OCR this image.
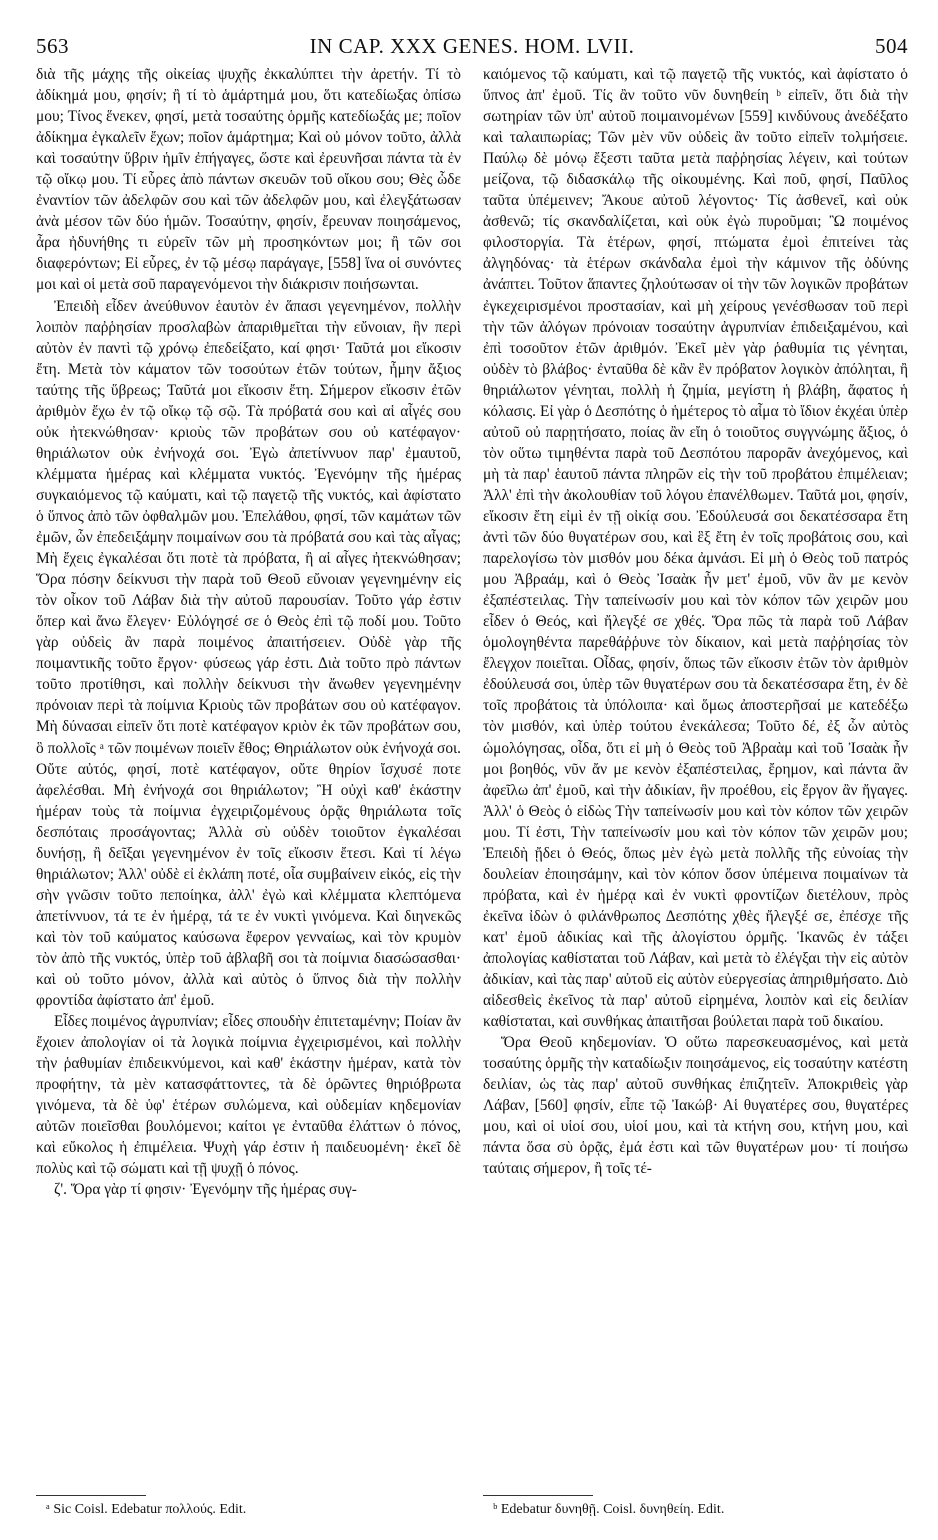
563	IN CAP. XXX GENES. HOM. LVII.	504

διὰ τῆς μάχης τῆς οἰκείας ψυχῆς ἐκκαλύπτει τὴν ἀρετήν. Τί τὸ ἀδίκημά μου, φησίν; ἢ τί τὸ ἁμάρτημά μου, ὅτι κατεδίωξας ὀπίσω μου; Τίνος ἕνεκεν, φησί, μετὰ τοσαύτης ὁρμῆς κατεδίωξάς με; ποῖον ἀδίκημα ἐγκαλεῖν ἔχων; ποῖον ἁμάρτημα; Καὶ οὐ μόνον τοῦτο, ἀλλὰ καὶ τοσαύτην ὕβριν ἡμῖν ἐπήγαγες, ὥστε καὶ ἐρευνῆσαι πάντα τὰ ἐν τῷ οἴκῳ μου. Τί εὗρες ἀπὸ πάντων σκευῶν τοῦ οἴκου σου; Θὲς ὧδε ἐναντίον τῶν ἀδελφῶν σου καὶ τῶν ἀδελφῶν μου, καὶ ἐλεγξάτωσαν ἀνὰ μέσον τῶν δύο ἡμῶν. Τοσαύτην, φησίν, ἔρευναν ποιησάμενος, ἆρα ἠδυνήθης τι εὑρεῖν τῶν μὴ προσηκόντων μοι; ἢ τῶν σοι διαφερόντων; Εἰ εὗρες, ἐν τῷ μέσῳ παράγαγε, [558] ἵνα οἱ συνόντες μοι καὶ οἱ μετὰ σοῦ παραγενόμενοι τὴν διάκρισιν ποιήσωνται.

Ἐπειδὴ εἶδεν ἀνεύθυνον ἑαυτὸν ἐν ἅπασι γεγενημένον, πολλὴν λοιπὸν παῤῥησίαν προσλαβὼν ἀπαριθμεῖται τὴν εὔνοιαν, ἣν περὶ αὐτὸν ἐν παντὶ τῷ χρόνῳ ἐπεδείξατο, καί φησι· Ταῦτά μοι εἴκοσιν ἔτη. Μετὰ τὸν κάματον τῶν τοσούτων ἐτῶν τούτων, ἦμην ἄξιος ταύτης τῆς ὕβρεως; Ταῦτά μοι εἴκοσιν ἔτη. Σήμερον εἴκοσιν ἐτῶν ἀριθμὸν ἔχω ἐν τῷ οἴκῳ τῷ σῷ. Τὰ πρόβατά σου καὶ αἱ αἶγές σου οὐκ ἠτεκνώθησαν· κριοὺς τῶν προβάτων σου οὐ κατέφαγον· θηριάλωτον οὐκ ἐνήνοχά σοι. Ἐγὼ ἀπετίννυον παρ' ἐμαυτοῦ, κλέμματα ἡμέρας καὶ κλέμματα νυκτός. Ἐγενόμην τῆς ἡμέρας συγκαιόμενος τῷ καύματι, καὶ τῷ παγετῷ τῆς νυκτός, καὶ ἀφίστατο ὁ ὕπνος ἀπὸ τῶν ὀφθαλμῶν μου. Ἐπελάθου, φησί, τῶν καμάτων τῶν ἐμῶν, ὧν ἐπεδειξάμην ποιμαίνων σου τὰ πρόβατά σου καὶ τὰς αἶγας; Μὴ ἔχεις ἐγκαλέσαι ὅτι ποτὲ τὰ πρόβατα, ἢ αἱ αἶγες ἠτεκνώθησαν; Ὅρα πόσην δείκνυσι τὴν παρὰ τοῦ Θεοῦ εὔνοιαν γεγενημένην εἰς τὸν οἶκον τοῦ Λάβαν διὰ τὴν αὐτοῦ παρουσίαν. Τοῦτο γάρ ἐστιν ὅπερ καὶ ἄνω ἔλεγεν· Εὐλόγησέ σε ὁ Θεὸς ἐπὶ τῷ ποδί μου. Τοῦτο γὰρ οὐδεὶς ἂν παρὰ ποιμένος ἀπαιτήσειεν. Οὐδὲ γὰρ τῆς ποιμαντικῆς τοῦτο ἔργον· φύσεως γάρ ἐστι. Διὰ τοῦτο πρὸ πάντων τοῦτο προτίθησι, καὶ πολλὴν δείκνυσι τὴν ἄνωθεν γεγενημένην πρόνοιαν περὶ τὰ ποίμνια Κριοὺς τῶν προβάτων σου οὐ κατέφαγον. Μὴ δύνασαι εἰπεῖν ὅτι ποτὲ κατέφαγον κριὸν ἐκ τῶν προβάτων σου, ὃ πολλοῖς ᵃ τῶν ποιμένων ποιεῖν ἔθος; Θηριάλωτον οὐκ ἐνήνοχά σοι. Οὔτε αὐτός, φησί, ποτὲ κατέφαγον, οὔτε θηρίον ἴσχυσέ ποτε ἀφελέσθαι. Μὴ ἐνήνοχά σοι θηριάλωτον; Ἢ οὐχὶ καθ' ἑκάστην ἡμέραν τοὺς τὰ ποίμνια ἐγχειριζομένους ὁρᾷς θηριάλωτα τοῖς δεσπόταις προσάγοντας; Ἀλλὰ σὺ οὐδὲν τοιοῦτον ἐγκαλέσαι δυνήσῃ, ἢ δεῖξαι γεγενημένον ἐν τοῖς εἴκοσιν ἔτεσι. Καὶ τί λέγω θηριάλωτον; Ἀλλ' οὐδὲ εἰ ἐκλάπη ποτέ, οἷα συμβαίνειν εἰκός, εἰς τὴν σὴν γνῶσιν τοῦτο πεποίηκα, ἀλλ' ἐγὼ καὶ κλέμματα κλεπτόμενα ἀπετίννυον, τά τε ἐν ἡμέρᾳ, τά τε ἐν νυκτὶ γινόμενα. Καὶ διηνεκῶς καὶ τὸν τοῦ καύματος καύσωνα ἔφερον γενναίως, καὶ τὸν κρυμὸν τὸν ἀπὸ τῆς νυκτός, ὑπὲρ τοῦ ἀβλαβῆ σοι τὰ ποίμνια διασώσασθαι· καὶ οὐ τοῦτο μόνον, ἀλλὰ καὶ αὐτὸς ὁ ὕπνος διὰ τὴν πολλὴν φροντίδα ἀφίστατο ἀπ' ἐμοῦ.

Εἶδες ποιμένος ἀγρυπνίαν; εἶδες σπουδὴν ἐπιτεταμένην; Ποίαν ἂν ἔχοιεν ἀπολογίαν οἱ τὰ λογικὰ ποίμνια ἐγχειρισμένοι, καὶ πολλὴν τὴν ῥαθυμίαν ἐπιδεικνύμενοι, καὶ καθ' ἑκάστην ἡμέραν, κατὰ τὸν προφήτην, τὰ μὲν κατασφάττοντες, τὰ δὲ ὁρῶντες θηριόβρωτα γινόμενα, τὰ δὲ ὑφ' ἑτέρων συλώμενα, καὶ οὐδεμίαν κηδεμονίαν αὐτῶν ποιεῖσθαι βουλόμενοι; καίτοι γε ἐνταῦθα ἐλάττων ὁ πόνος, καὶ εὔκολος ἡ ἐπιμέλεια. Ψυχὴ γάρ ἐστιν ἡ παιδευομένη· ἐκεῖ δὲ πολὺς καὶ τῷ σώματι καὶ τῇ ψυχῇ ὁ πόνος.

ζ'. Ὅρα γὰρ τί φησιν· Ἐγενόμην τῆς ἡμέρας συγ-

καιόμενος τῷ καύματι, καὶ τῷ παγετῷ τῆς νυκτός, καὶ ἀφίστατο ὁ ὕπνος ἀπ' ἐμοῦ. Τίς ἂν τοῦτο νῦν δυνηθείη ᵇ εἰπεῖν, ὅτι διὰ τὴν σωτηρίαν τῶν ὑπ' αὐτοῦ ποιμαινομένων [559] κινδύνους ἀνεδέξατο καὶ ταλαιπωρίας; Τῶν μὲν νῦν οὐδεὶς ἂν τοῦτο εἰπεῖν τολμήσειε. Παύλῳ δὲ μόνῳ ἔξεστι ταῦτα μετὰ παῤῥησίας λέγειν, καὶ τούτων μείζονα, τῷ διδασκάλῳ τῆς οἰκουμένης. Καὶ ποῦ, φησί, Παῦλος ταῦτα ὑπέμεινεν; Ἄκουε αὐτοῦ λέγοντος· Τίς ἀσθενεῖ, καὶ οὐκ ἀσθενῶ; τίς σκανδαλίζεται, καὶ οὐκ ἐγὼ πυροῦμαι; Ὢ ποιμένος φιλοστοργία. Τὰ ἑτέρων, φησί, πτώματα ἐμοὶ ἐπιτείνει τὰς ἀλγηδόνας· τὰ ἑτέρων σκάνδαλα ἐμοὶ τὴν κάμινον τῆς ὀδύνης ἀνάπτει. Τοῦτον ἅπαντες ζηλούτωσαν οἱ τὴν τῶν λογικῶν προβάτων ἐγκεχειρισμένοι προστασίαν, καὶ μὴ χείρους γενέσθωσαν τοῦ περὶ τὴν τῶν ἀλόγων πρόνοιαν τοσαύτην ἀγρυπνίαν ἐπιδειξαμένου, καὶ ἐπὶ τοσοῦτον ἐτῶν ἀριθμόν. Ἐκεῖ μὲν γὰρ ῥαθυμία τις γένηται, οὐδὲν τὸ βλάβος· ἐνταῦθα δὲ κἂν ἓν πρόβατον λογικὸν ἀπόληται, ἢ θηριάλωτον γένηται, πολλὴ ἡ ζημία, μεγίστη ἡ βλάβη, ἄφατος ἡ κόλασις. Εἰ γὰρ ὁ Δεσπότης ὁ ἡμέτερος τὸ αἷμα τὸ ἴδιον ἐκχέαι ὑπὲρ αὐτοῦ οὐ παρῃτήσατο, ποίας ἂν εἴη ὁ τοιοῦτος συγγνώμης ἄξιος, ὁ τὸν οὕτω τιμηθέντα παρὰ τοῦ Δεσπότου παρορᾶν ἀνεχόμενος, καὶ μὴ τὰ παρ' ἑαυτοῦ πάντα πληρῶν εἰς τὴν τοῦ προβάτου ἐπιμέλειαν; Ἀλλ' ἐπὶ τὴν ἀκολουθίαν τοῦ λόγου ἐπανέλθωμεν. Ταῦτά μοι, φησίν, εἴκοσιν ἔτη εἰμὶ ἐν τῇ οἰκίᾳ σου. Ἐδούλευσά σοι δεκατέσσαρα ἔτη ἀντὶ τῶν δύο θυγατέρων σου, καὶ ἓξ ἔτη ἐν τοῖς προβάτοις σου, καὶ παρελογίσω τὸν μισθόν μου δέκα ἀμνάσι. Εἰ μὴ ὁ Θεὸς τοῦ πατρός μου Ἀβραάμ, καὶ ὁ Θεὸς Ἰσαὰκ ἦν μετ' ἐμοῦ, νῦν ἂν με κενὸν ἐξαπέστειλας. Τὴν ταπείνωσίν μου καὶ τὸν κόπον τῶν χειρῶν μου εἶδεν ὁ Θεός, καὶ ἤλεγξέ σε χθές. Ὅρα πῶς τὰ παρὰ τοῦ Λάβαν ὁμολογηθέντα παρεθάῤῥυνε τὸν δίκαιον, καὶ μετὰ παῤῥησίας τὸν ἔλεγχον ποιεῖται. Οἶδας, φησίν, ὅπως τῶν εἴκοσιν ἐτῶν τὸν ἀριθμὸν ἐδούλευσά σοι, ὑπὲρ τῶν θυγατέρων σου τὰ δεκατέσσαρα ἔτη, ἐν δὲ τοῖς προβάτοις τὰ ὑπόλοιπα· καὶ ὅμως ἀποστερῆσαί με κατεδέξω τὸν μισθόν, καὶ ὑπὲρ τούτου ἐνεκάλεσα; Τοῦτο δέ, ἐξ ὧν αὐτὸς ὡμολόγησας, οἶδα, ὅτι εἰ μὴ ὁ Θεὸς τοῦ Ἀβραὰμ καὶ τοῦ Ἰσαὰκ ἦν μοι βοηθός, νῦν ἄν με κενὸν ἐξαπέστειλας, ἔρημον, καὶ πάντα ἂν ἀφεῖλω ἀπ' ἐμοῦ, καὶ τὴν ἀδικίαν, ἣν προέθου, εἰς ἔργον ἂν ἤγαγες. Ἀλλ' ὁ Θεὸς ὁ εἰδὼς Τὴν ταπείνωσίν μου καὶ τὸν κόπον τῶν χειρῶν μου. Τί ἐστι, Τὴν ταπείνωσίν μου καὶ τὸν κόπον τῶν χειρῶν μου; Ἐπειδὴ ᾔδει ὁ Θεός, ὅπως μὲν ἐγὼ μετὰ πολλῆς τῆς εὐνοίας τὴν δουλείαν ἐποιησάμην, καὶ τὸν κόπον ὅσον ὑπέμεινα ποιμαίνων τὰ πρόβατα, καὶ ἐν ἡμέρᾳ καὶ ἐν νυκτὶ φροντίζων διετέλουν, πρὸς ἐκεῖνα ἰδὼν ὁ φιλάνθρωπος Δεσπότης χθὲς ἤλεγξέ σε, ἐπέσχε τῆς κατ' ἐμοῦ ἀδικίας καὶ τῆς ἀλογίστου ὁρμῆς. Ἱκανῶς ἐν τάξει ἀπολογίας καθίσταται τοῦ Λάβαν, καὶ μετὰ τὸ ἐλέγξαι τὴν εἰς αὐτὸν ἀδικίαν, καὶ τὰς παρ' αὐτοῦ εἰς αὐτὸν εὐεργεσίας ἀπηριθμήσατο. Διὸ αἰδεσθεὶς ἐκεῖνος τὰ παρ' αὐτοῦ εἰρημένα, λοιπὸν καὶ εἰς δειλίαν καθίσταται, καὶ συνθήκας ἀπαιτῆσαι βούλεται παρὰ τοῦ δικαίου.

Ὅρα Θεοῦ κηδεμονίαν. Ὁ οὕτω παρεσκευασμένος, καὶ μετὰ τοσαύτης ὁρμῆς τὴν καταδίωξιν ποιησάμενος, εἰς τοσαύτην κατέστη δειλίαν, ὡς τὰς παρ' αὐτοῦ συνθήκας ἐπιζητεῖν. Ἀποκριθεὶς γὰρ Λάβαν, [560] φησίν, εἶπε τῷ Ἰακώβ· Αἱ θυγατέρες σου, θυγατέρες μου, καὶ οἱ υἱοί σου, υἱοί μου, καὶ τὰ κτήνη σου, κτήνη μου, καὶ πάντα ὅσα σὺ ὁρᾷς, ἐμά ἐστι καὶ τῶν θυγατέρων μου· τί ποιήσω ταύταις σήμερον, ἢ τοῖς τέ-

ᵃ Sic Coisl. Edebatur πολλούς. Edit.	ᵇ Edebatur δυνηθῇ. Coisl. δυνηθείη. Edit.
